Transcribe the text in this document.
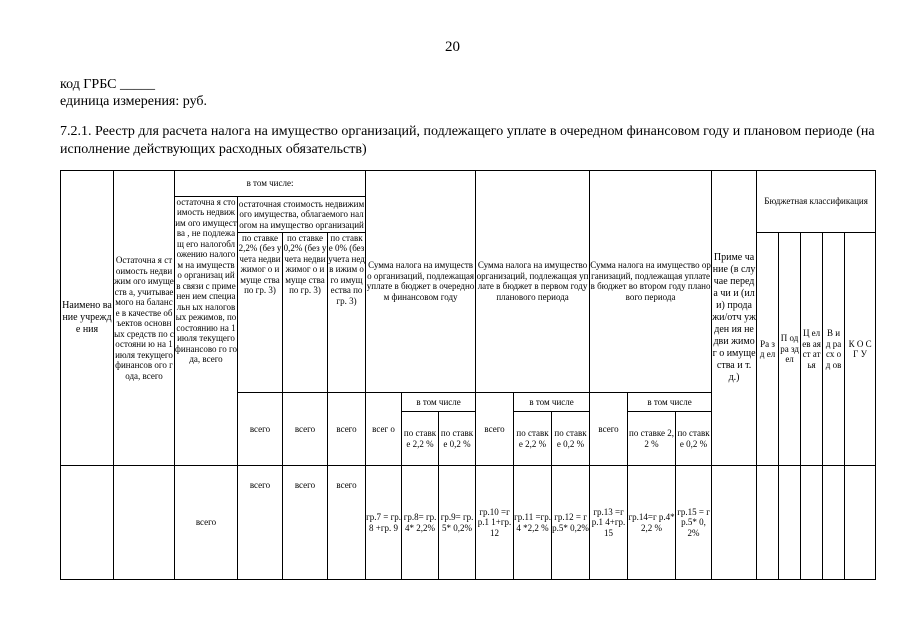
20
код ГРБС _____
единица измерения: руб.
7.2.1. Реестр для расчета налога на имущество организаций, подлежащего уплате в очередном финансовом году и плановом периоде (на исполнение действующих расходных обязательств)
Наимено вание учрежде ния	Остаточна я стоимость недвижим ого имуществ а, учитывае мого на балансе в качестве объектов основных средств по состояни ю на 1 июля текущего финансов ого года, всего	в том числе:				Сумма налога на имущество организаций, подлежащая уплате в бюджет в очередном финансовом году			Сумма налога на имущество организаций, подлежащая уплате в бюджет в первом году планового периода			Сумма налога на имущество организаций, подлежащая уплате в бюджет во втором году планового периода			Приме чание (в случае переда чи и (или) прода жи/отч ужден ия недви жимог о имуще ства и т.д.)	Бюджетная классификация				
		остаточна я стоимость недвижим ого имущества , не подлежащ его налогобл ожению налогом на имуществ о организац ий в связи с применен ием специальн ых налоговых режимов, по состоянию на 1 июля текущего финансово го года, всего	остаточная стоимость недвижимого имущества, облагаемого налогом на имущество организаций																	
			по ставке 2,2% (без учета недви жимог о имуще ства по гр. 3)	по ставке 0,2% (без учета недви жимог о имуще ства по гр. 3)	по ставк е 0% (без учета недв ижим ого имущ ества по гр. 3)											Ра зд ел	П од ра зд ел	Ц ел ев ая ст ат ья	В и д ра сх од ов	К О С Г У
			всего	всего	всего	всег о	в том числе		всего	в том числе		всего	в том числе							
							по ставк е 2,2 %	по ставк е 0,2 %		по ставк е 2,2 %	по ставк е 0,2 %		по ставке 2,2 %	по ставк е 0,2 %						
		всего	всего	всего	всего	гр.7 = гр.8 +гр. 9	гр.8= гр.4* 2,2%	гр.9= гр.5* 0,2%	гр.10 =гр.1 1+гр. 12	гр.11 =гр.4 *2,2 %	гр.12 = гр.5* 0,2%	гр.13 =гр.1 4+гр. 15	гр.14=г р.4*2,2 %	гр.15 = гр.5* 0,2%						
